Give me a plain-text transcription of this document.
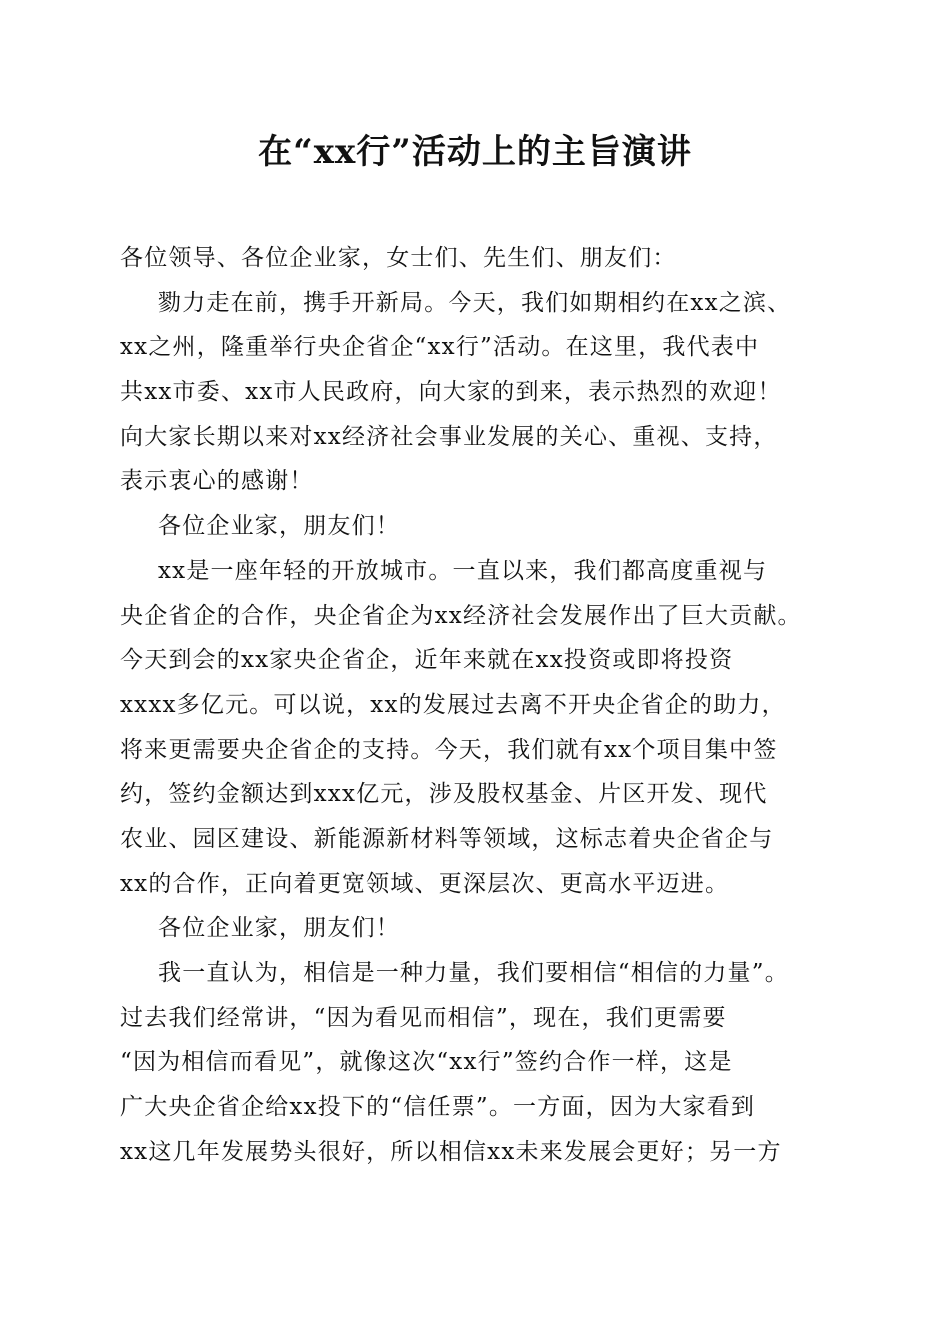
在“xx行”活动上的主旨演讲
各位领导、各位企业家，女士们、先生们、朋友们：
勠力走在前，携手开新局。今天，我们如期相约在xx之滨、
xx之州，隆重举行央企省企“xx行”活动。在这里，我代表中
共xx市委、xx市人民政府，向大家的到来，表示热烈的欢迎！
向大家长期以来对xx经济社会事业发展的关心、重视、支持，
表示衷心的感谢！
各位企业家，朋友们！
xx是一座年轻的开放城市。一直以来，我们都高度重视与
央企省企的合作，央企省企为xx经济社会发展作出了巨大贡献。
今天到会的xx家央企省企，近年来就在xx投资或即将投资
xxxx多亿元。可以说，xx的发展过去离不开央企省企的助力，
将来更需要央企省企的支持。今天，我们就有xx个项目集中签
约，签约金额达到xxx亿元，涉及股权基金、片区开发、现代
农业、园区建设、新能源新材料等领域，这标志着央企省企与
xx的合作，正向着更宽领域、更深层次、更高水平迈进。
各位企业家，朋友们！
我一直认为，相信是一种力量，我们要相信“相信的力量”。
过去我们经常讲，“因为看见而相信”，现在，我们更需要
“因为相信而看见”，就像这次“xx行”签约合作一样，这是
广大央企省企给xx投下的“信任票”。一方面，因为大家看到
xx这几年发展势头很好，所以相信xx未来发展会更好；另一方
